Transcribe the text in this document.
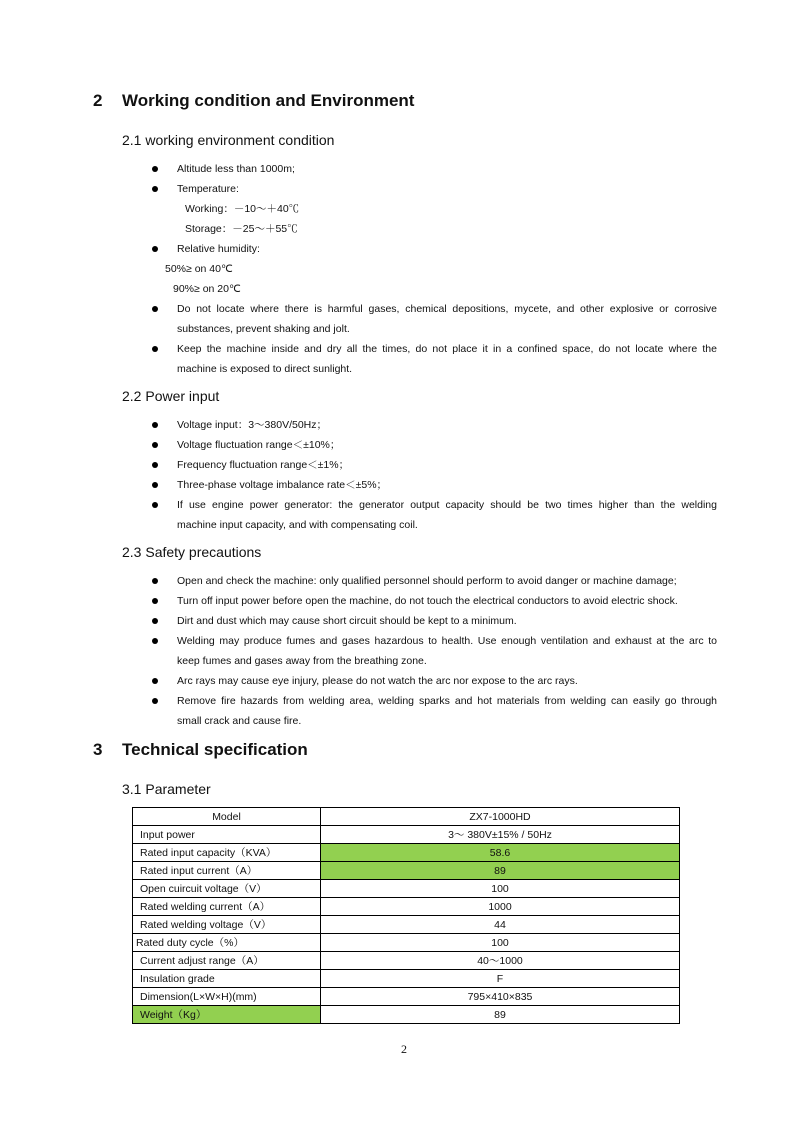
2 Working condition and Environment
2.1 working environment condition
Altitude less than 1000m;
Temperature:
Working：－10～＋40℃
Storage：－25～＋55℃
Relative humidity:
50%≥ on 40℃
90%≥ on 20℃
Do not locate where there is harmful gases, chemical depositions, mycete, and other explosive or corrosive
substances, prevent shaking and jolt.
Keep the machine inside and dry all the times, do not place it in a confined space, do not locate where the
machine is exposed to direct sunlight.
2.2 Power input
Voltage input：3～380V/50Hz；
Voltage fluctuation range＜±10%；
Frequency fluctuation range＜±1%；
Three-phase voltage imbalance rate＜±5%；
If use engine power generator: the generator output capacity should be two times higher than the welding
machine input capacity, and with compensating coil.
2.3 Safety precautions
Open and check the machine: only qualified personnel should perform to avoid danger or machine damage;
Turn off input power before open the machine, do not touch the electrical conductors to avoid electric shock.
Dirt and dust which may cause short circuit should be kept to a minimum.
Welding may produce fumes and gases hazardous to health. Use enough ventilation and exhaust at the arc to
keep fumes and gases away from the breathing zone.
Arc rays may cause eye injury, please do not watch the arc nor expose to the arc rays.
Remove fire hazards from welding area, welding sparks and hot materials from welding can easily go through
small crack and cause fire.
3 Technical specification
3.1 Parameter
Model	ZX7-1000HD
Input power	3～ 380V±15% / 50Hz
Rated input capacity（KVA）	58.6
Rated input current（A）	89
Open cuircuit voltage（V）	100
Rated welding current（A）	1000
Rated welding voltage（V）	44
Rated duty cycle（%）	100
Current adjust range（A）	40～1000
Insulation grade	F
Dimension(L×W×H)(mm)	795×410×835
Weight（Kg）	89
2
